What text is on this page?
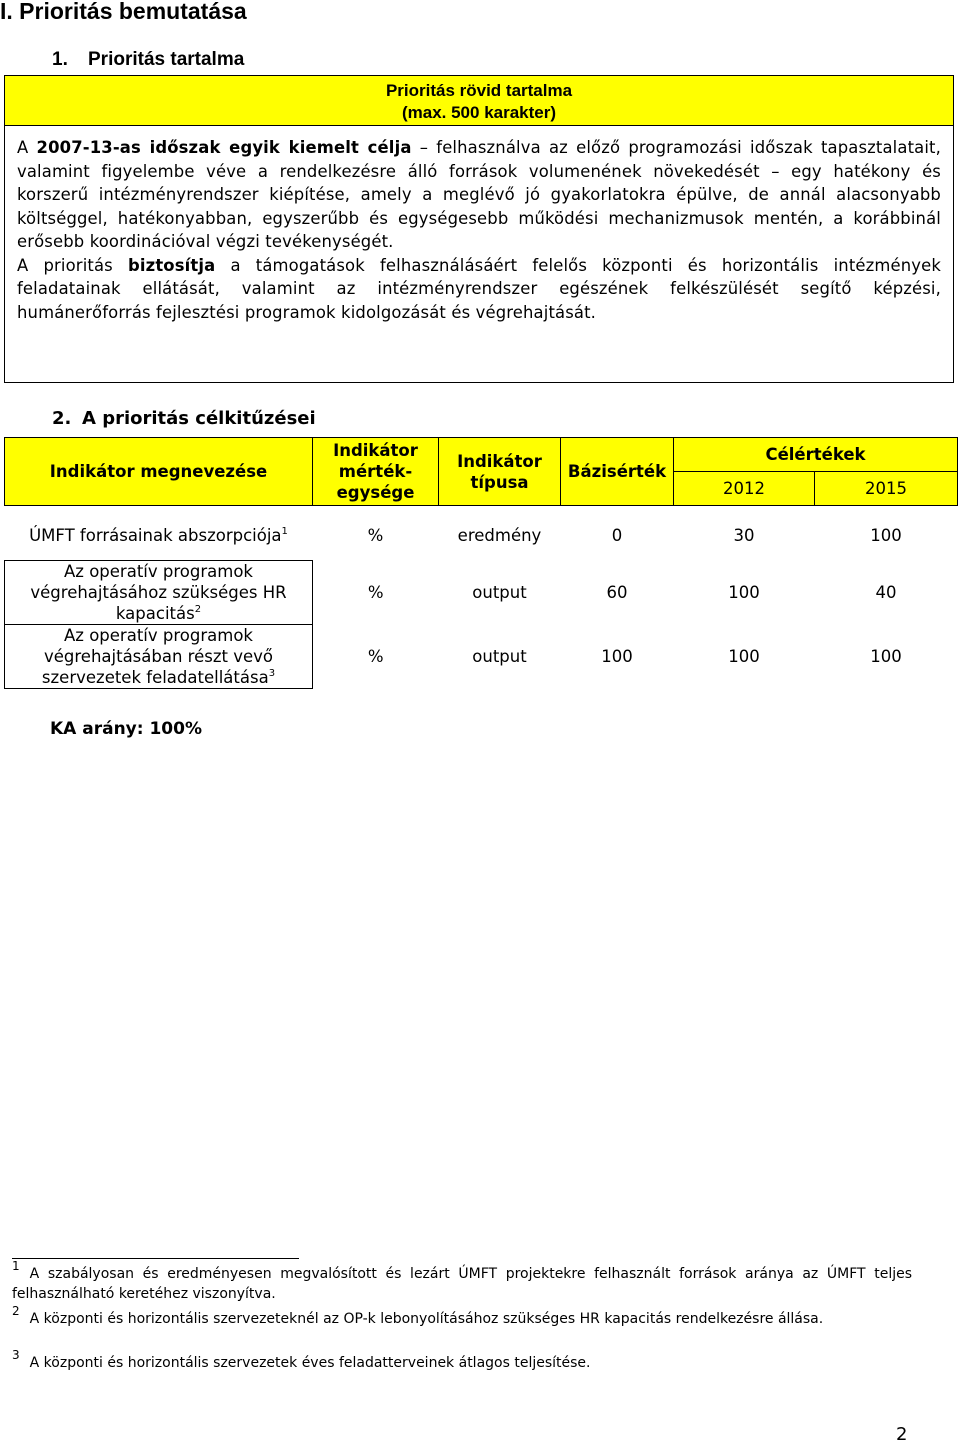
I. Prioritás bemutatása
1. Prioritás tartalma
Prioritás rövid tartalma
(max. 500 karakter)

A 2007-13-as időszak egyik kiemelt célja – felhasználva az előző programozási időszak tapasztalatait, valamint figyelembe véve a rendelkezésre álló források volumenének növekedését – egy hatékony és korszerű intézményrendszer kiépítése, amely a meglévő jó gyakorlatokra épülve, de annál alacsonyabb költséggel, hatékonyabban, egyszerűbb és egységesebb működési mechanizmusok mentén, a korábbinál erősebb koordinációval végzi tevékenységét.

A prioritás biztosítja a támogatások felhasználásáért felelős központi és horizontális intézmények feladatainak ellátását, valamint az intézményrendszer egészének felkészülését segítő képzési, humánerőforrás fejlesztési programok kidolgozását és végrehajtását.

2. A prioritás célkitűzései
Indikátor megnevezése	Indikátor mérték-egysége	Indikátor típusa	Bázisérték	Célértékek	
				2012	2015

ÚMFT forrásainak abszorpciója$^1$	%	eredmény	0	30	100

Az operatív programok végrehajtásához szükséges HR kapacitás$^2$	%	output	60	100	40
Az operatív programok végrehajtásában részt vevő szervezetek feladatellátása$^3$	%	output	100	100	100
KA arány: 100%
$^1$ A szabályosan és eredményesen megvalósított és lezárt ÚMFT projektekre felhasznált források aránya az ÚMFT teljes felhasználható keretéhez viszonyítva.
$^2$ A központi és horizontális szervezeteknél az OP-k lebonyolításához szükséges HR kapacitás rendelkezésre állása.
$^3$ A központi és horizontális szervezetek éves feladatterveinek átlagos teljesítése.
2
